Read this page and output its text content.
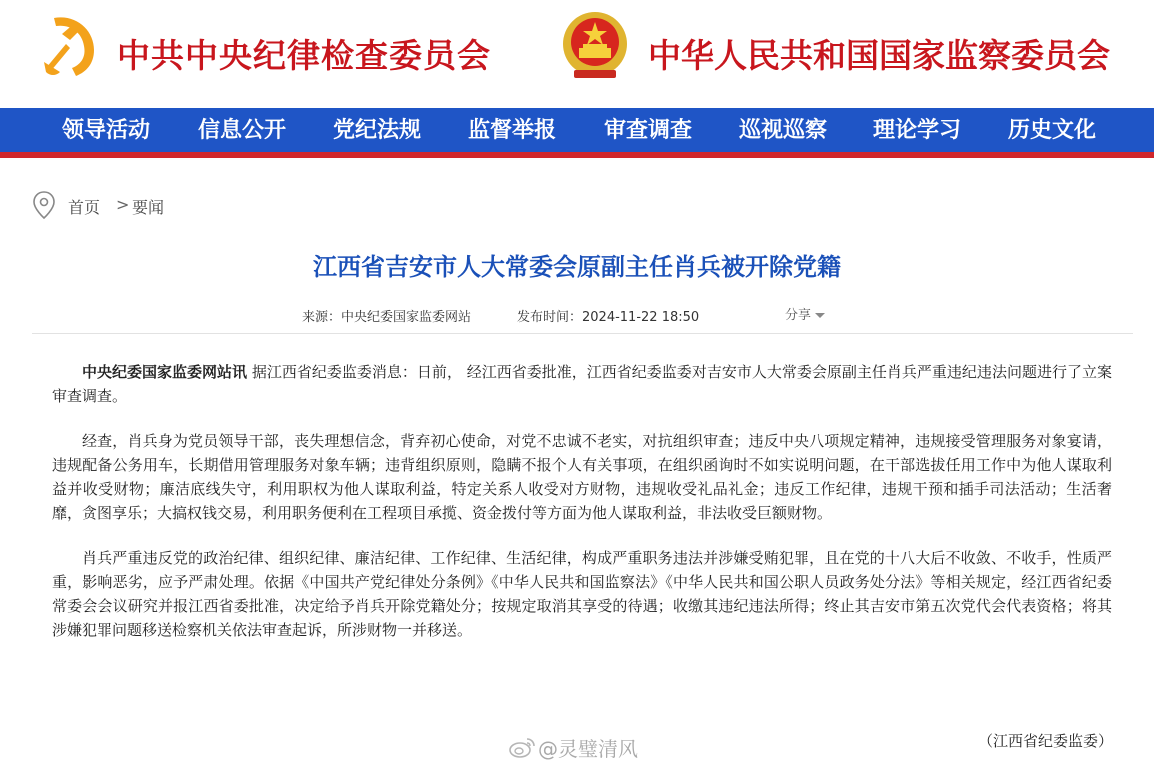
中共中央纪律检查委员会	中华人民共和国国家监察委员会
领导活动 信息公开 党纪法规 监督举报 审查调查 巡视巡察 理论学习 历史文化
首页 > 要闻
江西省吉安市人大常委会原副主任肖兵被开除党籍
来源：中央纪委国家监委网站	发布时间：2024-11-22 18:50	分享

中央纪委国家监委网站讯 据江西省纪委监委消息：日前， 经江西省委批准，江西省纪委监委对吉安市人大常委会原副主任肖兵严重违纪违法问题进行了立案审查调查。

经查，肖兵身为党员领导干部，丧失理想信念，背弃初心使命，对党不忠诚不老实，对抗组织审查；违反中央八项规定精神，违规接受管理服务对象宴请，违规配备公务用车，长期借用管理服务对象车辆；违背组织原则，隐瞒不报个人有关事项，在组织函询时不如实说明问题，在干部选拔任用工作中为他人谋取利益并收受财物；廉洁底线失守，利用职权为他人谋取利益，特定关系人收受对方财物，违规收受礼品礼金；违反工作纪律，违规干预和插手司法活动；生活奢靡，贪图享乐；大搞权钱交易，利用职务便利在工程项目承揽、资金拨付等方面为他人谋取利益，非法收受巨额财物。

肖兵严重违反党的政治纪律、组织纪律、廉洁纪律、工作纪律、生活纪律，构成严重职务违法并涉嫌受贿犯罪，且在党的十八大后不收敛、不收手，性质严重，影响恶劣，应予严肃处理。依据《中国共产党纪律处分条例》《中华人民共和国监察法》《中华人民共和国公职人员政务处分法》等相关规定，经江西省纪委常委会会议研究并报江西省委批准，决定给予肖兵开除党籍处分；按规定取消其享受的待遇；收缴其违纪违法所得；终止其吉安市第五次党代会代表资格；将其涉嫌犯罪问题移送检察机关依法审查起诉，所涉财物一并移送。

@灵璧清风	（江西省纪委监委）
